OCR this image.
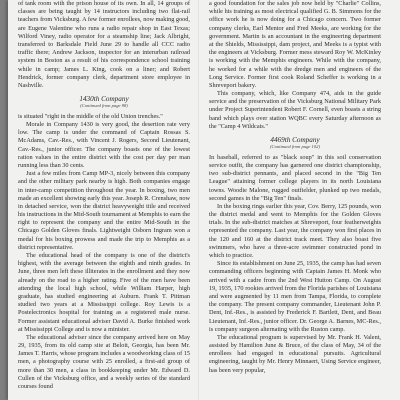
of tank room with the prison house of its own. In all, 14 groups of classes are being taught by 14 instructors including two flat-rail teachers from Vicksburg. A few former enrollees, now making good, are Eugene Valentine who runs a radio repair shop in East Texas; Wilford Viney, radio operator for a steamship line; Jack Albright, transferred to Barksdale Field June 29 to handle all CCC radio traffic there; Andrew Jackson, inspector for an interurban railroad system in Boston as a result of his correspondence school training while in camp; James L. King, cook on a liner; and Robert Hendrick, former company clerk, department store employee in Nashville.

1430th Company
(Continued from page 98)

is situated "right in the middle of the old Union trenches."

Morale in Company 1430 is very good, the desertion rate very low. The camp is under the command of Captain Rossas S. McAdams, Cav.-Res., with Vincent J. Rogers, Second Lieutenant, Cav.-Res., junior officer. The company boasts one of the lowest ration values in the entire district with the cost per day per man running less than 30 cents.

Just a few miles from Camp MP-3, nicely between this company and the other military park nearby is high. Both companies engage in inter-camp competition throughout the year. In boxing, two men made an excellent showing early this year. Joseph R. Crenshaw, now in detached service, won the district heavyweight title and received his instructions in the Mid-South tournament at Memphis to earn the right to represent the company and the entire Mid-South in the Chicago Golden Gloves finals. Lightweight Osborn Ingram won a medal for his boxing prowess and made the trip to Memphis as a district representative.

The educational head of the company is one of the district's highest, with the average between the eighth and ninth grades. In June, three men left these illiterates in the enrollment and they now already on the road to a higher rating. Five of the men have been attending the local high school, while William Harper, high graduate, has studied engineering at Auburn. Frank T. Pittman studied two years at a Mississippi college. Roy Lewis is a Postelectronics hospital for training as a registered male nurse. Former assistant educational adviser David A. Burke finished work at Mississippi College and is now a minister.

The educational adviser since the company arrived here on May 29, 1935, from its old camp site at Beloit, Georgia, has been Mr. James T. Harris, whose program includes a woodworking class of 15 men, a photography course with 25 enrolled, a first-aid group of more than 30 men, a class in bookkeeping under Mr. Edward D. Cullen of the Vicksburg office, and a weekly series of the standard courses found

a good foundation for the sales job now held by "Charlie" Collins, while his training as most electrical qualified G. B. Simmons for the office work he is now doing for a Chicago concern. Two former company clerks, Earl Mentor and Fred Meeks, are working for the government. Martin is an accountant in the engineering department at the Shields, Mississippi, dam project, and Meeks is a typist with the engineers at Vicksburg. Former mess steward Roy W. McKinley is working with the Memphis engineers. While with the company, he worked for a while with the dredge men and engineers of the Long Service. Former first cook Roland Scheffer is working in a Shreveport bakery.

This company, which, like Company 474, aids in the guide service and the preservation of the Vicksburg National Military Park under Project Superintendent Robert F. Cornell, even boasts a string band which plays over station WQBC every Saturday afternoon as the "Camp 4 Wildcats."

4469th Company
(Continued from page 102)

In baseball, referred to as "black soup" in this soil conservation service outfit, the company has garnered one district championship, two sub-district pennants, and placed second in the "Big Ten League" attaining former college players in its north Louisiana towns. Woodie Malone, rugged outfielder, plunked up two medals, second games in the "Big Ten" finals.

In the boxing rings earlier this year, Cov. Berry, 125 pounds, won the district medal and went to Memphis for the Golden Gloves trials. In the sub-district matches at Shreveport, four featherweights represented the company. Last year, the company won first places in the 120 and 160 at the district track meet. They also boast five swimmers, who have a three-acre swimmer constructed pond in which to practice.

Since its establishment on June 25, 1935, the camp has had seven commanding officers beginning with Captain James H. Monk who arrived with a cadre from the 2nd West Hutton Camp. On August 19, 1935, 170 rookies arrived from the Florida parishes of Louisiana and were augmented by 11 men from Tampa, Florida, to complete the company. The present company commander, Lieutenant John P. Dent, Inf.-Res., is assisted by Frederick F. Bartlett, Dent, and Beau Lieutenant, Inf.-Res., junior officer. Dr. George A. Barnes, MC-Res., is company surgeon alternating with the Ruston camp.

The educational program is supervised by Mr. Frank H. Valent, assisted by Hamilton June & Bruce, of the class of May, 34 of the enrollees had engaged in educational pursuits. Agricultural engineering, taught by Mr. Henry Minnaert, Using Service engineer, has been very popular,
